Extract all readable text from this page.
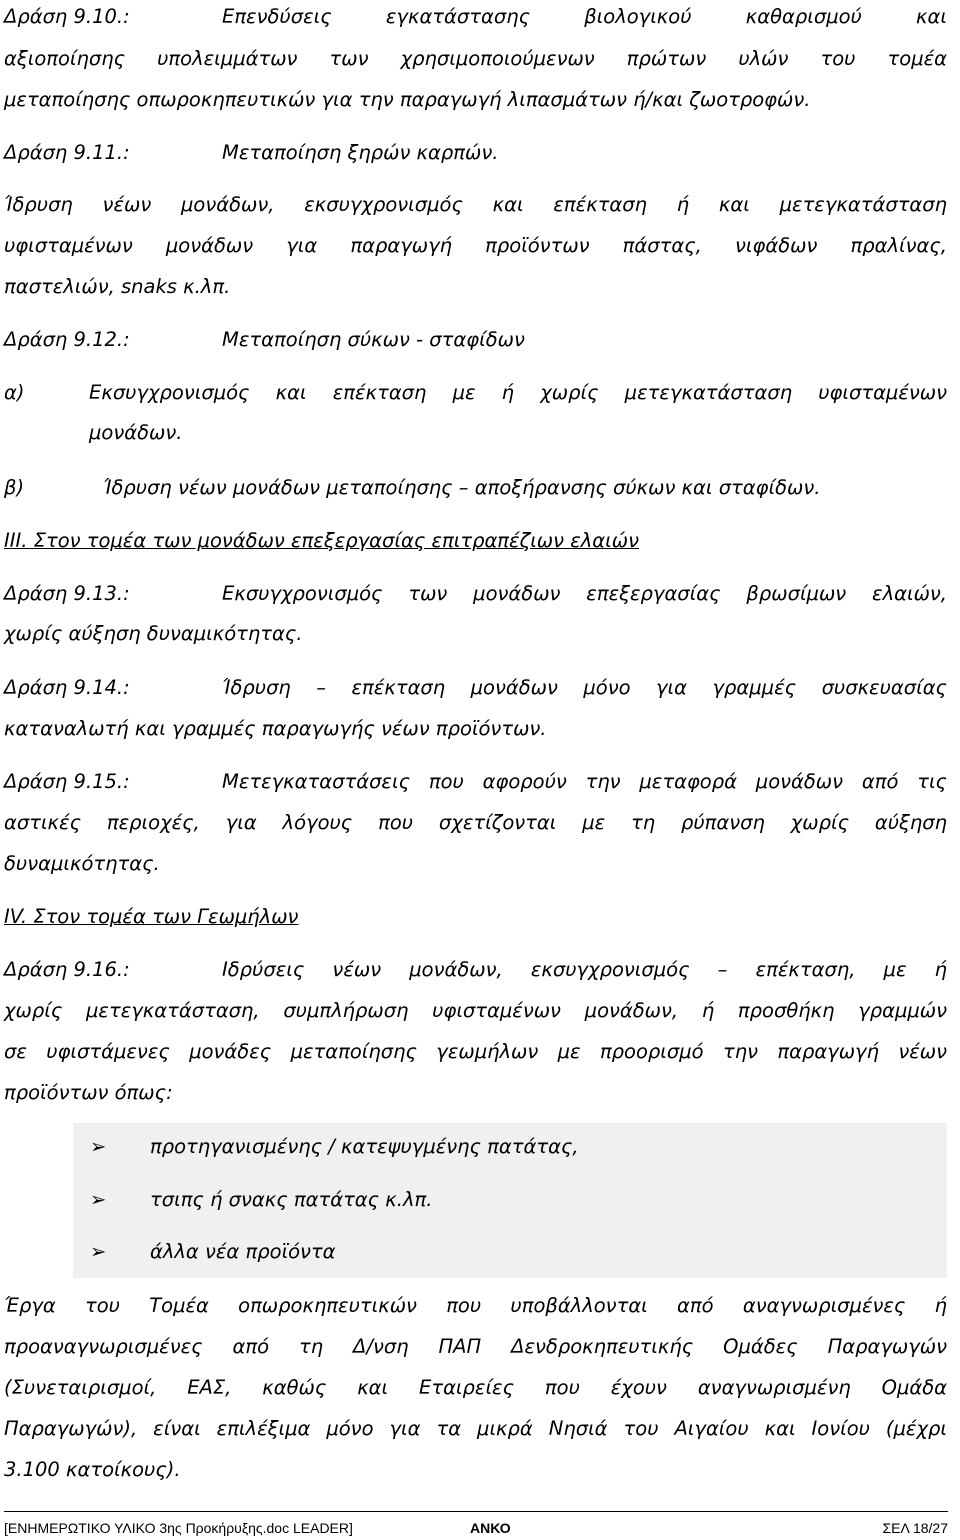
Δράση 9.10.:	Επενδύσεις εγκατάστασης βιολογικού καθαρισμού και
αξιοποίησης υπολειμμάτων των χρησιμοποιούμενων πρώτων υλών του τομέα
μεταποίησης οπωροκηπευτικών για την παραγωγή λιπασμάτων ή/και ζωοτροφών.
Δράση 9.11.:	Μεταποίηση ξηρών καρπών.
Ίδρυση νέων μονάδων, εκσυγχρονισμός και επέκταση ή και μετεγκατάσταση
υφισταμένων μονάδων για παραγωγή προϊόντων πάστας, νιφάδων πραλίνας,
παστελιών, snaks κ.λπ.
Δράση 9.12.:	Μεταποίηση σύκων - σταφίδων
α)	Εκσυγχρονισμός και επέκταση με ή χωρίς μετεγκατάσταση υφισταμένων
μονάδων.
β)	Ίδρυση νέων μονάδων μεταποίησης – αποξήρανσης σύκων και σταφίδων.
ΙΙΙ. Στον τομέα των μονάδων επεξεργασίας επιτραπέζιων ελαιών
Δράση 9.13.:	Εκσυγχρονισμός των μονάδων επεξεργασίας βρωσίμων ελαιών,
χωρίς αύξηση δυναμικότητας.
Δράση 9.14.:	Ίδρυση – επέκταση μονάδων μόνο για γραμμές συσκευασίας
καταναλωτή και γραμμές παραγωγής νέων προϊόντων.
Δράση 9.15.:	Μετεγκαταστάσεις που αφορούν την μεταφορά μονάδων από τις
αστικές περιοχές, για λόγους που σχετίζονται με τη ρύπανση χωρίς αύξηση
δυναμικότητας.
ΙV. Στον τομέα των Γεωμήλων
Δράση 9.16.:	Ιδρύσεις νέων μονάδων, εκσυγχρονισμός – επέκταση, με ή
χωρίς μετεγκατάσταση, συμπλήρωση υφισταμένων μονάδων, ή προσθήκη γραμμών
σε υφιστάμενες μονάδες μεταποίησης γεωμήλων με προορισμό την παραγωγή νέων
προϊόντων όπως:
➢ προτηγανισμένης / κατεψυγμένης πατάτας,
➢ τσιπς ή σνακς πατάτας κ.λπ.
➢ άλλα νέα προϊόντα
Έργα του Τομέα οπωροκηπευτικών που υποβάλλονται από αναγνωρισμένες ή
προαναγνωρισμένες από τη Δ/νση ΠΑΠ Δενδροκηπευτικής Ομάδες Παραγωγών
(Συνεταιρισμοί, ΕΑΣ, καθώς και Εταιρείες που έχουν αναγνωρισμένη Ομάδα
Παραγωγών), είναι επιλέξιμα μόνο για τα μικρά Νησιά του Αιγαίου και Ιονίου (μέχρι
3.100 κατοίκους).
[ΕΝΗΜΕΡΩΤΙΚΟ ΥΛΙΚΟ 3ης Προκήρυξης.doc LEADER]	ΑΝΚΟ	ΣΕΛ 18/27
